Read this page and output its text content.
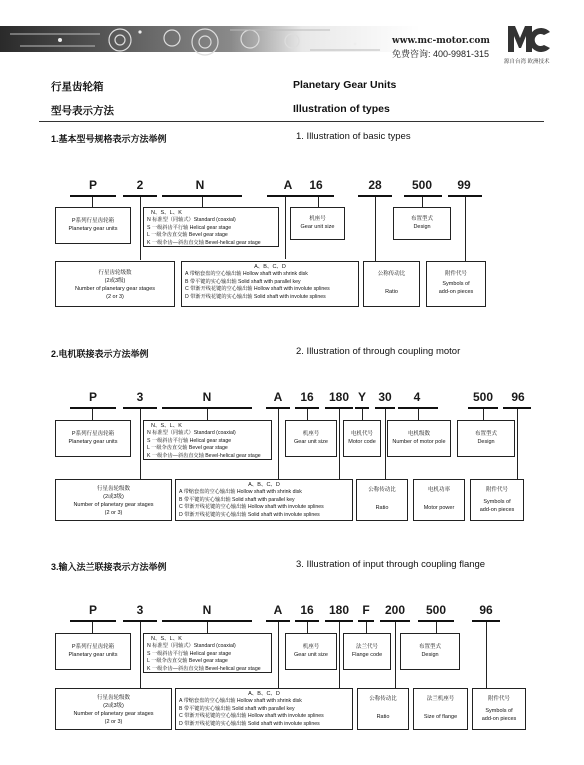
www.mc-motor.com
免费咨询: 400-9981-315
源自台湾 欧洲技术
行星齿轮箱	Planetary Gear Units
型号表示方法	Illustration of types
1.基本型号规格表示方法举例	1. Illustration of basic types
P	2	N	A	16	28	500	99
P系列行星齿轮箱
Planetary gear units
N、S、L、K
N 标准型（同轴式）Standard (coaxial)
S 一级斜齿平行轴 Helical gear stage
L 一级伞齿直交轴 Bevel gear stage
K 一级伞齿—斜齿直交轴 Bevel-helical gear stage
机座号
Gear unit size
布置型式
Design
行星齿轮级数
(2或3级)
Number of planetary gear stages
(2 or 3)
A、B、C、D
A 带缩套盘的空心输出轴 Hollow shaft with shrink disk
B 带平键的实心输出轴 Solid shaft with parallel key
C 带渐开线花键的空心输出轴 Hollow shaft with involute splines
D 带渐开线花键的实心输出轴 Solid shaft with involute splines
公称传动比
Ratio
附件代号
Symbols of
add-on pieces
2.电机联接表示方法举例	2. Illustration of through coupling motor
P	3	N	A	16	180 Y	30	4	500	96
P系列行星齿轮箱
Planetary gear units
N、S、L、K
N 标准型（同轴式）Standard (coaxial)
S 一级斜齿平行轴 Helical gear stage
L 一级伞齿直交轴 Bevel gear stage
K 一级伞齿—斜齿直交轴 Bevel-helical gear stage
机座号
Gear unit size
电机代号
Motor code
电机级数
Number of motor pole
布置型式
Design
行星齿轮级数
(2或3级)
Number of planetary gear stages
(2 or 3)
A、B、C、D
A 带缩套盘的空心输出轴 Hollow shaft with shrink disk
B 带平键的实心输出轴 Solid shaft with parallel key
C 带渐开线花键的空心输出轴 Hollow shaft with involute splines
D 带渐开线花键的实心输出轴 Solid shaft with involute splines
公称传动比
Ratio
电机功率
Motor power
附件代号
Symbols of
add-on pieces
3.输入法兰联接表示方法举例	3. Illustration of input through coupling flange
P	3	N	A	16	180	F	200	500	96
P系列行星齿轮箱
Planetary gear units
N、S、L、K
N 标准型（同轴式）Standard (coaxial)
S 一级斜齿平行轴 Helical gear stage
L 一级伞齿直交轴 Bevel gear stage
K 一级伞齿—斜齿直交轴 Bevel-helical gear stage
机座号
Gear unit size
法兰代号
Flange code
布置型式
Design
行星齿轮级数
(2或3级)
Number of planetary gear stages
(2 or 3)
A、B、C、D
A 带缩套盘的空心输出轴 Hollow shaft with shrink disk
B 带平键的实心输出轴 Solid shaft with parallel key
C 带渐开线花键的空心输出轴 Hollow shaft with involute splines
D 带渐开线花键的实心输出轴 Solid shaft with involute splines
公称传动比
Ratio
法兰机座号
Size of flange
附件代号
Symbols of
add-on pieces
